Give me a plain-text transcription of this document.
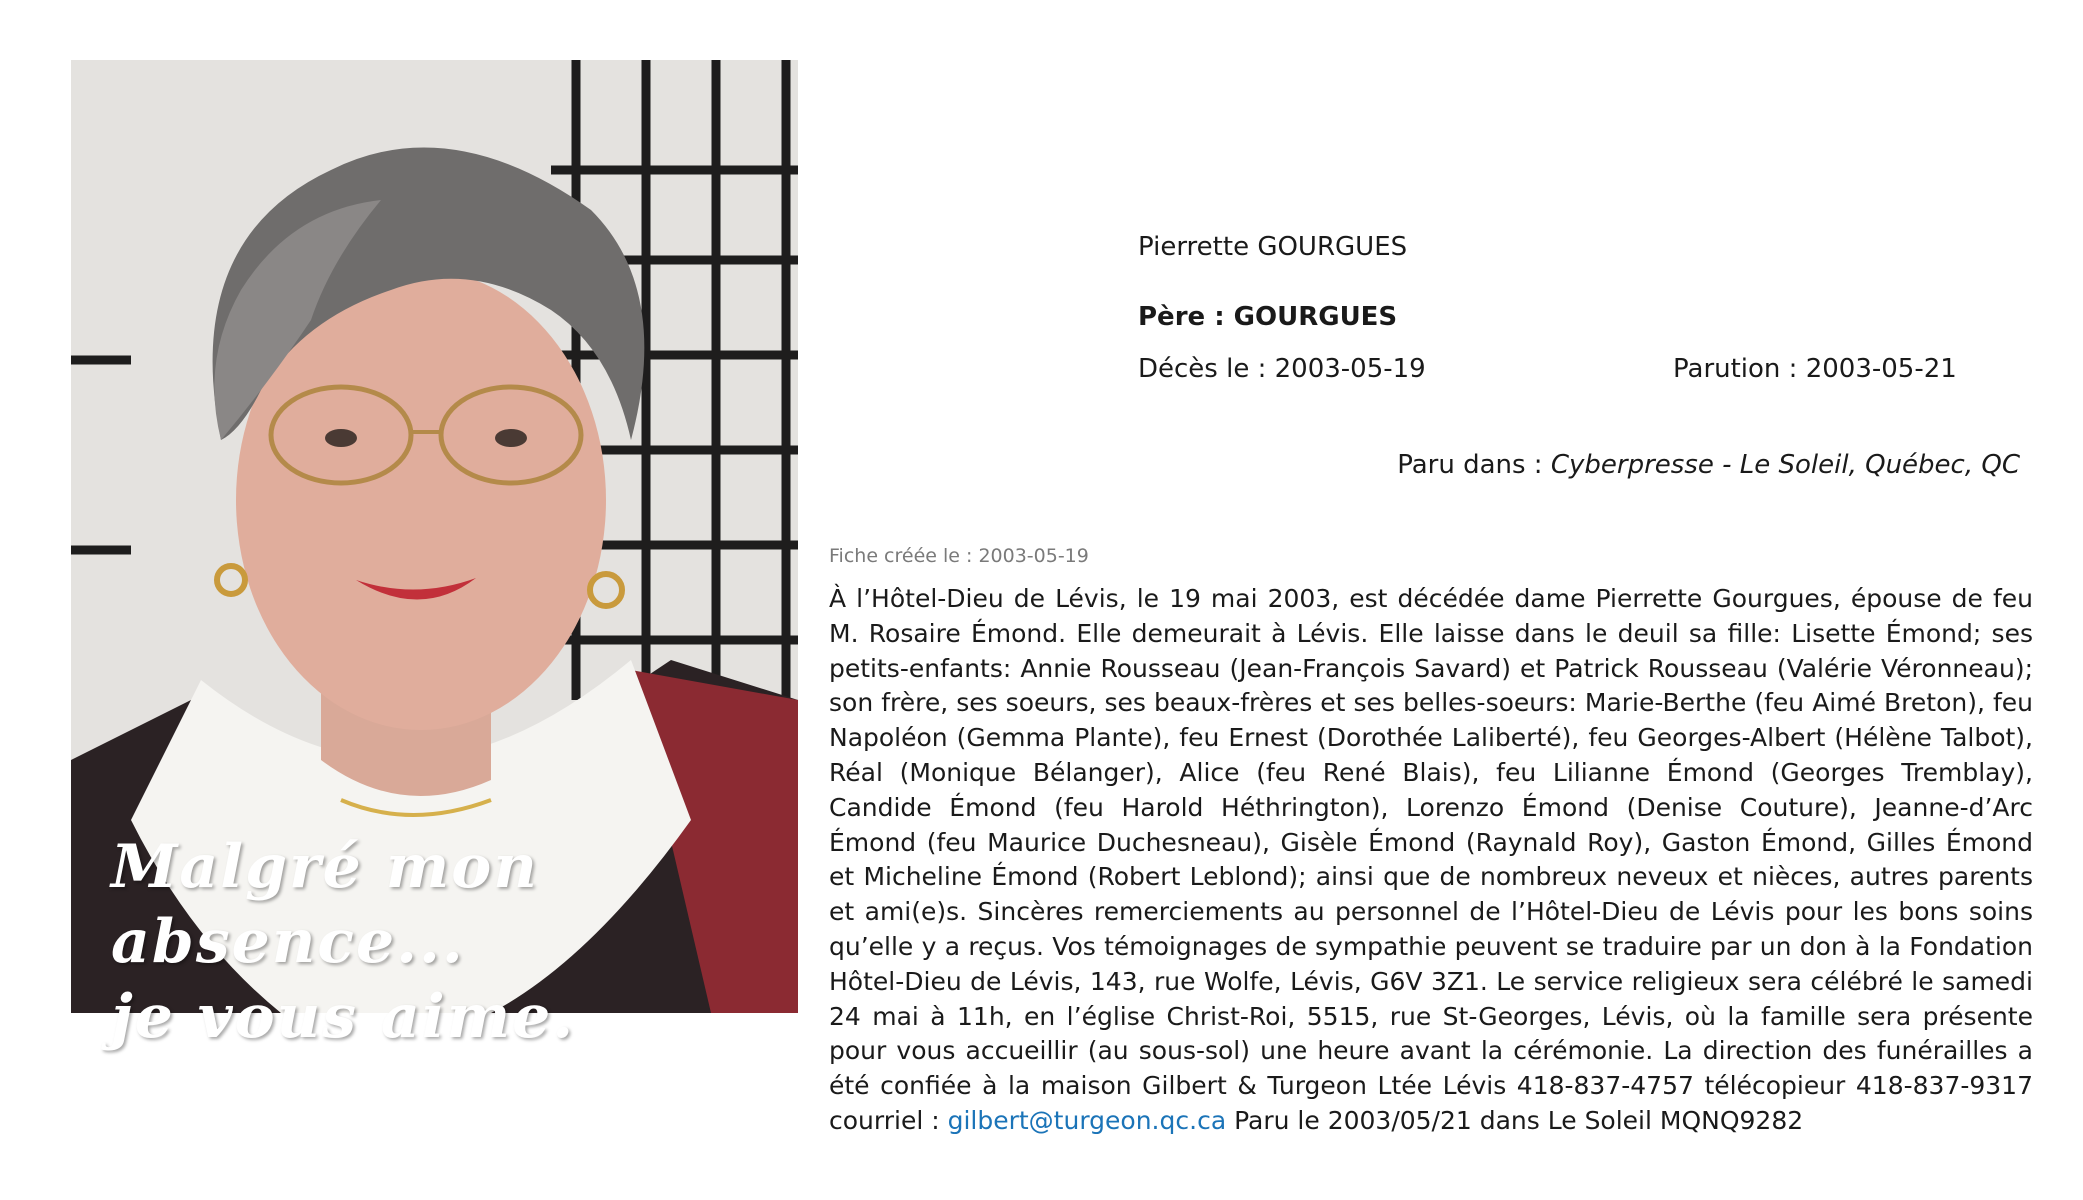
Malgré mon absence...
je vous aime.
Pierrette GOURGUES
Père : GOURGUES
Décès le : 2003-05-19	Parution : 2003-05-21
Paru dans : Cyberpresse - Le Soleil, Québec, QC
Fiche créée le : 2003-05-19
À l’Hôtel-Dieu de Lévis, le 19 mai 2003, est décédée dame Pierrette Gourgues, épouse de feu M. Rosaire Émond. Elle demeurait à Lévis. Elle laisse dans le deuil sa fille: Lisette Émond; ses petits-enfants: Annie Rousseau (Jean-François Savard) et Patrick Rousseau (Valérie Véronneau); son frère, ses soeurs, ses beaux-frères et ses belles-soeurs: Marie-Berthe (feu Aimé Breton), feu Napoléon (Gemma Plante), feu Ernest (Dorothée Laliberté), feu Georges-Albert (Hélène Talbot), Réal (Monique Bélanger), Alice (feu René Blais), feu Lilianne Émond (Georges Tremblay), Candide Émond (feu Harold Héthrington), Lorenzo Émond (Denise Couture), Jeanne-d’Arc Émond (feu Maurice Duchesneau), Gisèle Émond (Raynald Roy), Gaston Émond, Gilles Émond et Micheline Émond (Robert Leblond); ainsi que de nombreux neveux et nièces, autres parents et ami(e)s. Sincères remerciements au personnel de l’Hôtel-Dieu de Lévis pour les bons soins qu’elle y a reçus. Vos témoignages de sympathie peuvent se traduire par un don à la Fondation Hôtel-Dieu de Lévis, 143, rue Wolfe, Lévis, G6V 3Z1. Le service religieux sera célébré le samedi 24 mai à 11h, en l’église Christ-Roi, 5515, rue St-Georges, Lévis, où la famille sera présente pour vous accueillir (au sous-sol) une heure avant la cérémonie. La direction des funérailles a été confiée à la maison Gilbert & Turgeon Ltée Lévis 418-837-4757 télécopieur 418-837-9317 courriel : gilbert@turgeon.qc.ca Paru le 2003/05/21 dans Le Soleil MQNQ9282
